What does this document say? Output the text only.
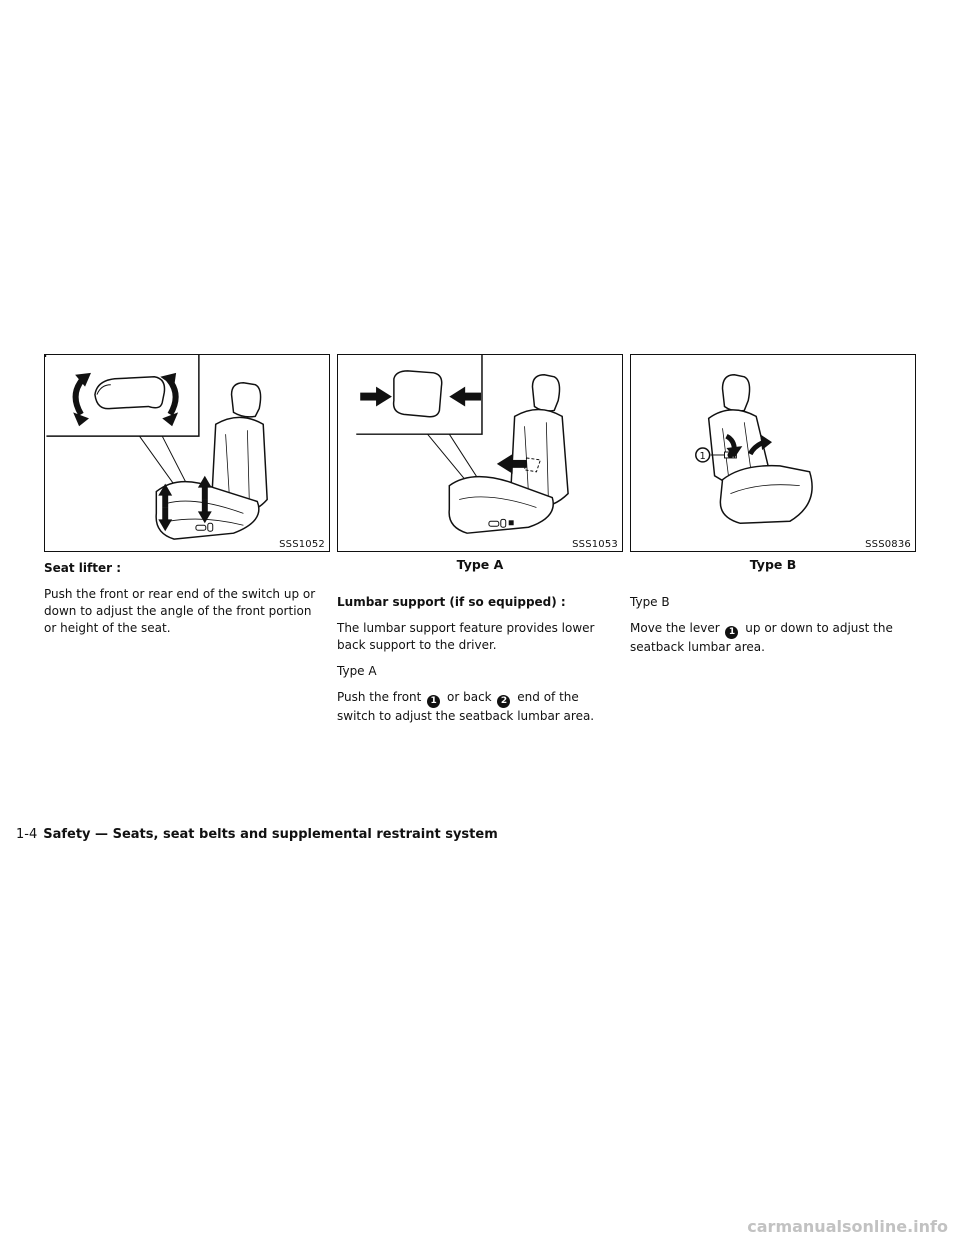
SSS1052	SSS1053
1
SSS0836
Type A	Type B

Seat lifter :

Push the front or rear end of the switch up or down to adjust the angle of the front portion or height of the seat.

Lumbar support (if so equipped) :

The lumbar support feature provides lower back support to the driver.

Type A

Push the front 1 or back 2 end of the switch to adjust the seatback lumbar area.

Type B

Move the lever 1 up or down to adjust the seatback lumbar area.

1-4 Safety — Seats, seat belts and supplemental restraint system
carmanualsonline.info
